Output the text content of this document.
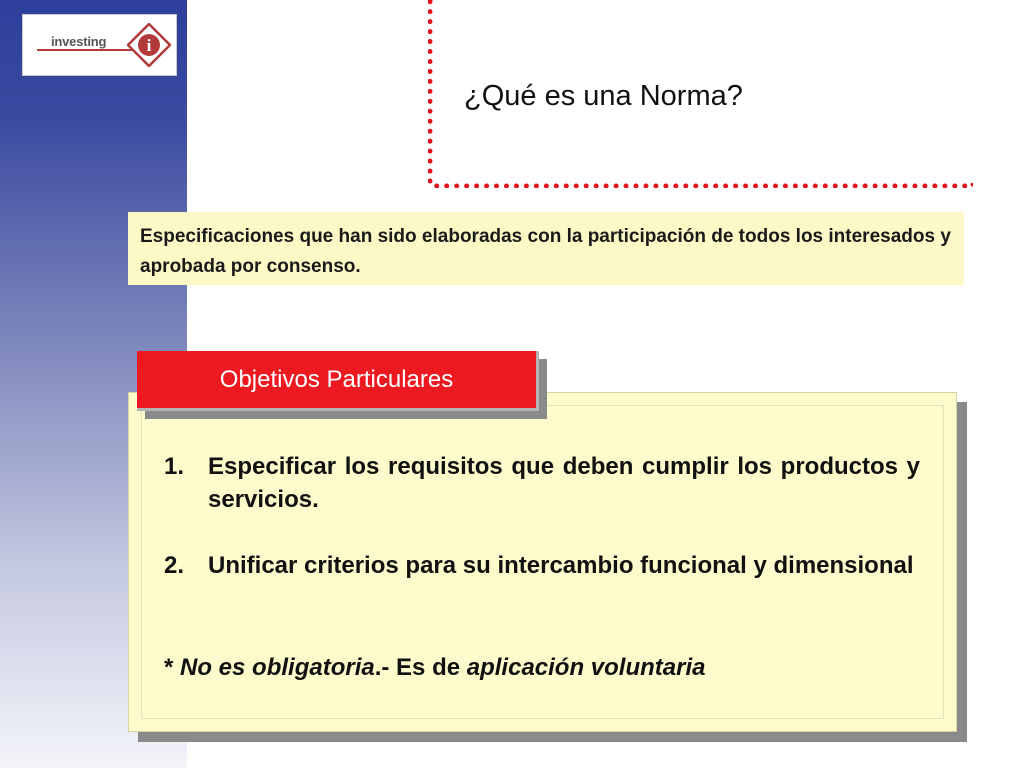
investing i
¿Qué es una Norma?

Especificaciones que han sido elaboradas con la participación de todos los interesados y aprobada por consenso.

Objetivos Particulares
1. Especificar los requisitos que deben cumplir los productos y servicios.
2. Unificar criterios para su intercambio funcional y dimensional
* No es obligatoria.- Es de aplicación voluntaria
